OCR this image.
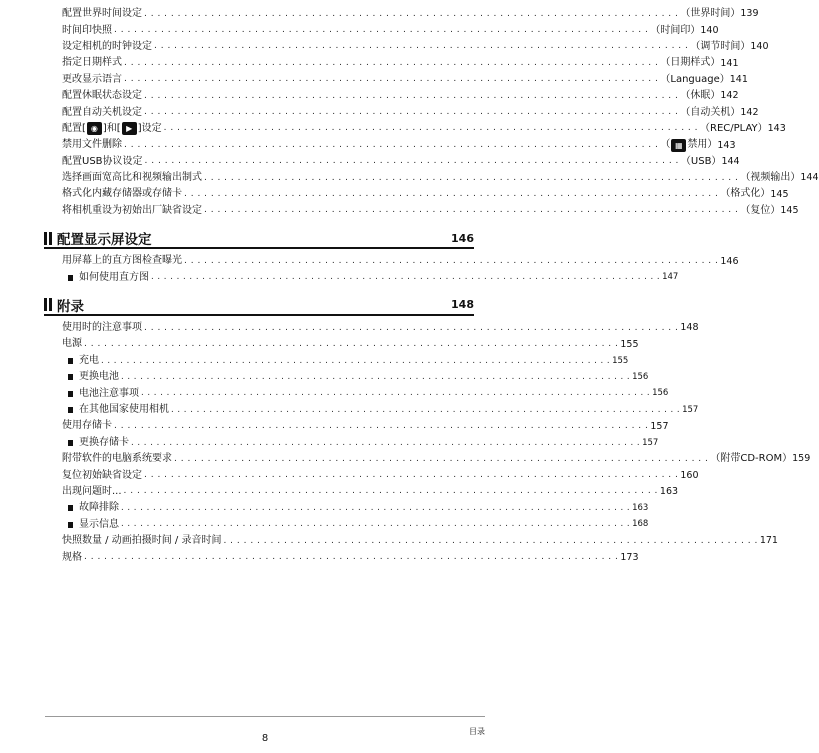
配置世界时间设定 . . . . . . . . . . . . . . . . . . . . . . . . . . . . . . . . . . . . . . . . . . . . . . . . . . . . . . . . . . . . . . . . . . . . . . . . . . . . . . . . （世界时间） 139
时间印快照 . . . . . . . . . . . . . . . . . . . . . . . . . . . . . . . . . . . . . . . . . . . . . . . . . . . . . . . . . . . . . . . . . . . . . . . . . . . . . . . . （时间印） 140
设定相机的时钟设定 . . . . . . . . . . . . . . . . . . . . . . . . . . . . . . . . . . . . . . . . . . . . . . . . . . . . . . . . . . . . . . . . . . . . . . . . . . . . . . . . （调节时间） 140
指定日期样式 . . . . . . . . . . . . . . . . . . . . . . . . . . . . . . . . . . . . . . . . . . . . . . . . . . . . . . . . . . . . . . . . . . . . . . . . . . . . . . . . （日期样式） 141
更改显示语言 . . . . . . . . . . . . . . . . . . . . . . . . . . . . . . . . . . . . . . . . . . . . . . . . . . . . . . . . . . . . . . . . . . . . . . . . . . . . . . . . （Language） 141
配置休眠状态设定 . . . . . . . . . . . . . . . . . . . . . . . . . . . . . . . . . . . . . . . . . . . . . . . . . . . . . . . . . . . . . . . . . . . . . . . . . . . . . . . . （休眠） 142
配置自动关机设定 . . . . . . . . . . . . . . . . . . . . . . . . . . . . . . . . . . . . . . . . . . . . . . . . . . . . . . . . . . . . . . . . . . . . . . . . . . . . . . . . （自动关机） 142
配置[ ◉ ]和[ ▶ ]设定 . . . . . . . . . . . . . . . . . . . . . . . . . . . . . . . . . . . . . . . . . . . . . . . . . . . . . . . . . . . . . . . . . . . . . . . . . . . . . . . . （REC/PLAY） 143
禁用文件删除 . . . . . . . . . . . . . . . . . . . . . . . . . . . . . . . . . . . . . . . . . . . . . . . . . . . . . . . . . . . . . . . . . . . . . . . . . . . . . . . . （ ▦ 禁用） 143
配置USB协议设定 . . . . . . . . . . . . . . . . . . . . . . . . . . . . . . . . . . . . . . . . . . . . . . . . . . . . . . . . . . . . . . . . . . . . . . . . . . . . . . . . （USB） 144
选择画面宽高比和视频输出制式 . . . . . . . . . . . . . . . . . . . . . . . . . . . . . . . . . . . . . . . . . . . . . . . . . . . . . . . . . . . . . . . . . . . . . . . . . . . . . . . . （视频输出） 144
格式化内藏存储器或存储卡 . . . . . . . . . . . . . . . . . . . . . . . . . . . . . . . . . . . . . . . . . . . . . . . . . . . . . . . . . . . . . . . . . . . . . . . . . . . . . . . . （格式化） 145
将相机重设为初始出厂缺省设定 . . . . . . . . . . . . . . . . . . . . . . . . . . . . . . . . . . . . . . . . . . . . . . . . . . . . . . . . . . . . . . . . . . . . . . . . . . . . . . . . （复位） 145
配置显示屏设定	146
用屏幕上的直方图检查曝光 . . . . . . . . . . . . . . . . . . . . . . . . . . . . . . . . . . . . . . . . . . . . . . . . . . . . . . . . . . . . . . . . . . . . . . . . . . . . . . . . 146
如何使用直方图 . . . . . . . . . . . . . . . . . . . . . . . . . . . . . . . . . . . . . . . . . . . . . . . . . . . . . . . . . . . . . . . . . . . . . . . . . . . . . . . . 147
附录	148
使用时的注意事项 . . . . . . . . . . . . . . . . . . . . . . . . . . . . . . . . . . . . . . . . . . . . . . . . . . . . . . . . . . . . . . . . . . . . . . . . . . . . . . . . 148
电源 . . . . . . . . . . . . . . . . . . . . . . . . . . . . . . . . . . . . . . . . . . . . . . . . . . . . . . . . . . . . . . . . . . . . . . . . . . . . . . . . 155
充电 . . . . . . . . . . . . . . . . . . . . . . . . . . . . . . . . . . . . . . . . . . . . . . . . . . . . . . . . . . . . . . . . . . . . . . . . . . . . . . . . 155
更换电池 . . . . . . . . . . . . . . . . . . . . . . . . . . . . . . . . . . . . . . . . . . . . . . . . . . . . . . . . . . . . . . . . . . . . . . . . . . . . . . . . 156
电池注意事项 . . . . . . . . . . . . . . . . . . . . . . . . . . . . . . . . . . . . . . . . . . . . . . . . . . . . . . . . . . . . . . . . . . . . . . . . . . . . . . . . 156
在其他国家使用相机 . . . . . . . . . . . . . . . . . . . . . . . . . . . . . . . . . . . . . . . . . . . . . . . . . . . . . . . . . . . . . . . . . . . . . . . . . . . . . . . . 157
使用存储卡 . . . . . . . . . . . . . . . . . . . . . . . . . . . . . . . . . . . . . . . . . . . . . . . . . . . . . . . . . . . . . . . . . . . . . . . . . . . . . . . . 157
更换存储卡 . . . . . . . . . . . . . . . . . . . . . . . . . . . . . . . . . . . . . . . . . . . . . . . . . . . . . . . . . . . . . . . . . . . . . . . . . . . . . . . . 157
附带软件的电脑系统要求 . . . . . . . . . . . . . . . . . . . . . . . . . . . . . . . . . . . . . . . . . . . . . . . . . . . . . . . . . . . . . . . . . . . . . . . . . . . . . . . . （附带CD-ROM） 159
复位初始缺省设定 . . . . . . . . . . . . . . . . . . . . . . . . . . . . . . . . . . . . . . . . . . . . . . . . . . . . . . . . . . . . . . . . . . . . . . . . . . . . . . . . 160
出现问题时... . . . . . . . . . . . . . . . . . . . . . . . . . . . . . . . . . . . . . . . . . . . . . . . . . . . . . . . . . . . . . . . . . . . . . . . . . . . . . . . . 163
故障排除 . . . . . . . . . . . . . . . . . . . . . . . . . . . . . . . . . . . . . . . . . . . . . . . . . . . . . . . . . . . . . . . . . . . . . . . . . . . . . . . . 163
显示信息 . . . . . . . . . . . . . . . . . . . . . . . . . . . . . . . . . . . . . . . . . . . . . . . . . . . . . . . . . . . . . . . . . . . . . . . . . . . . . . . . 168
快照数量 / 动画拍摄时间 / 录音时间 . . . . . . . . . . . . . . . . . . . . . . . . . . . . . . . . . . . . . . . . . . . . . . . . . . . . . . . . . . . . . . . . . . . . . . . . . . . . . . . . 171
规格 . . . . . . . . . . . . . . . . . . . . . . . . . . . . . . . . . . . . . . . . . . . . . . . . . . . . . . . . . . . . . . . . . . . . . . . . . . . . . . . . 173
8
目录
